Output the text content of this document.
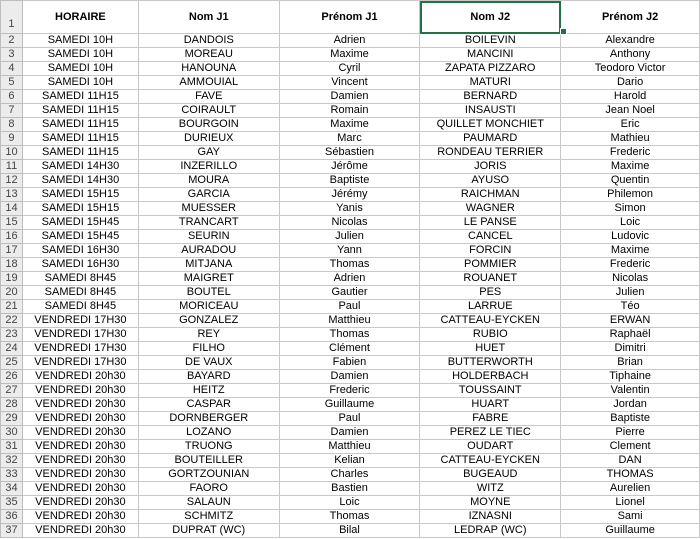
1	HORAIRE	Nom J1	Prénom J1	Nom J2	Prénom J2
2	SAMEDI 10H	DANDOIS	Adrien	BOILEVIN	Alexandre
3	SAMEDI 10H	MOREAU	Maxime	MANCINI	Anthony
4	SAMEDI 10H	HANOUNA	Cyril	ZAPATA PIZZARO	Teodoro Victor
5	SAMEDI 10H	AMMOUIAL	Vincent	MATURI	Dario
6	SAMEDI 11H15	FAVE	Damien	BERNARD	Harold
7	SAMEDI 11H15	COIRAULT	Romain	INSAUSTI	Jean Noel
8	SAMEDI 11H15	BOURGOIN	Maxime	QUILLET MONCHIET	Eric
9	SAMEDI 11H15	DURIEUX	Marc	PAUMARD	Mathieu
10	SAMEDI 11H15	GAY	Sébastien	RONDEAU TERRIER	Frederic
11	SAMEDI 14H30	INZERILLO	Jérôme	JORIS	Maxime
12	SAMEDI 14H30	MOURA	Baptiste	AYUSO	Quentin
13	SAMEDI 15H15	GARCIA	Jérémy	RAICHMAN	Philemon
14	SAMEDI 15H15	MUESSER	Yanis	WAGNER	Simon
15	SAMEDI 15H45	TRANCART	Nicolas	LE PANSE	Loic
16	SAMEDI 15H45	SEURIN	Julien	CANCEL	Ludovic
17	SAMEDI 16H30	AURADOU	Yann	FORCIN	Maxime
18	SAMEDI 16H30	MITJANA	Thomas	POMMIER	Frederic
19	SAMEDI 8H45	MAIGRET	Adrien	ROUANET	Nicolas
20	SAMEDI 8H45	BOUTEL	Gautier	PES	Julien
21	SAMEDI 8H45	MORICEAU	Paul	LARRUE	Téo
22	VENDREDI 17H30	GONZALEZ	Matthieu	CATTEAU-EYCKEN	ERWAN
23	VENDREDI 17H30	REY	Thomas	RUBIO	Raphaël
24	VENDREDI 17H30	FILHO	Clément	HUET	Dimitri
25	VENDREDI 17H30	DE VAUX	Fabien	BUTTERWORTH	Brian
26	VENDREDI 20h30	BAYARD	Damien	HOLDERBACH	Tiphaine
27	VENDREDI 20h30	HEITZ	Frederic	TOUSSAINT	Valentin
28	VENDREDI 20h30	CASPAR	Guillaume	HUART	Jordan
29	VENDREDI 20h30	DORNBERGER	Paul	FABRE	Baptiste
30	VENDREDI 20h30	LOZANO	Damien	PEREZ LE TIEC	Pierre
31	VENDREDI 20h30	TRUONG	Matthieu	OUDART	Clement
32	VENDREDI 20h30	BOUTEILLER	Kelian	CATTEAU-EYCKEN	DAN
33	VENDREDI 20h30	GORTZOUNIAN	Charles	BUGEAUD	THOMAS
34	VENDREDI 20h30	FAORO	Bastien	WITZ	Aurelien
35	VENDREDI 20h30	SALAUN	Loic	MOYNE	Lionel
36	VENDREDI 20h30	SCHMITZ	Thomas	IZNASNI	Sami
37	VENDREDI 20h30	DUPRAT (WC)	Bilal	LEDRAP (WC)	Guillaume
